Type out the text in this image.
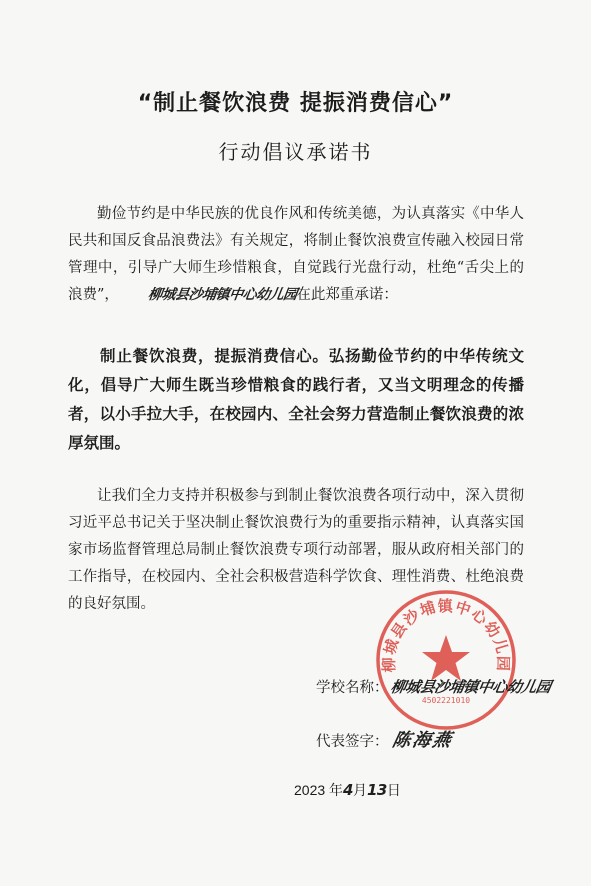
“制止餐饮浪费 提振消费信心”
行动倡议承诺书

勤俭节约是中华民族的优良作风和传统美德，为认真落实《中华人民共和国反食品浪费法》有关规定，将制止餐饮浪费宣传融入校园日常管理中，引导广大师生珍惜粮食，自觉践行光盘行动，杜绝“舌尖上的浪费”， 柳城县沙埔镇中心幼儿园在此郑重承诺：

制止餐饮浪费，提振消费信心。弘扬勤俭节约的中华传统文化，倡导广大师生既当珍惜粮食的践行者，又当文明理念的传播者，以小手拉大手，在校园内、全社会努力营造制止餐饮浪费的浓厚氛围。

让我们全力支持并积极参与到制止餐饮浪费各项行动中，深入贯彻习近平总书记关于坚决制止餐饮浪费行为的重要指示精神，认真落实国家市场监督管理总局制止餐饮浪费专项行动部署，服从政府相关部门的工作指导，在校园内、全社会积极营造科学饮食、理性消费、杜绝浪费的良好氛围。

柳城县沙埔镇中心幼儿园
4502221010
学校名称：柳城县沙埔镇中心幼儿园
代表签字：陈海燕
2023 年4月13日
